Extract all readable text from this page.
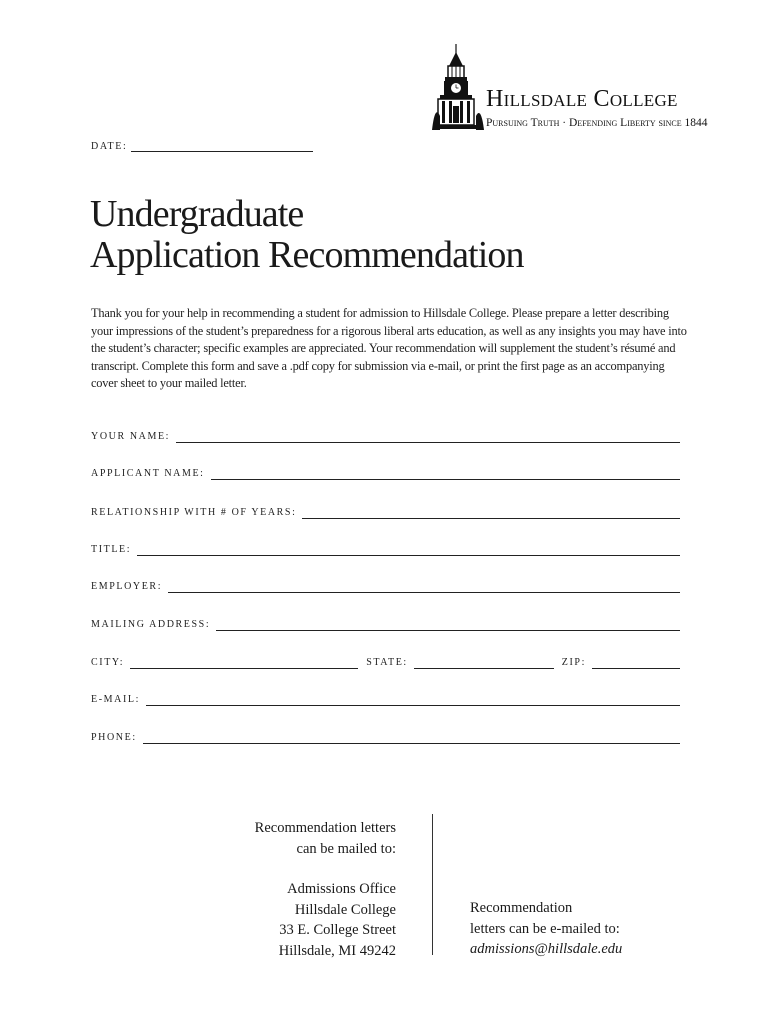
Hillsdale College
Pursuing Truth · Defending Liberty since 1844
DATE:
Undergraduate
Application Recommendation
Thank you for your help in recommending a student for admission to Hillsdale College. Please prepare a letter describing your impressions of the student’s preparedness for a rigorous liberal arts education, as well as any insights you may have into the student’s character; specific examples are appreciated. Your recommendation will supplement the student’s résumé and transcript. Complete this form and save a .pdf copy for submission via e-mail, or print the first page as an accompanying cover sheet to your mailed letter.
YOUR NAME:
APPLICANT NAME:
RELATIONSHIP WITH # OF YEARS:
TITLE:
EMPLOYER:
MAILING ADDRESS:
CITY:	STATE:	ZIP:
E-MAIL:
PHONE:
Recommendation letters
can be mailed to:
Admissions Office
Hillsdale College
33 E. College Street
Hillsdale, MI 49242
Recommendation
letters can be e-mailed to:
admissions@hillsdale.edu
